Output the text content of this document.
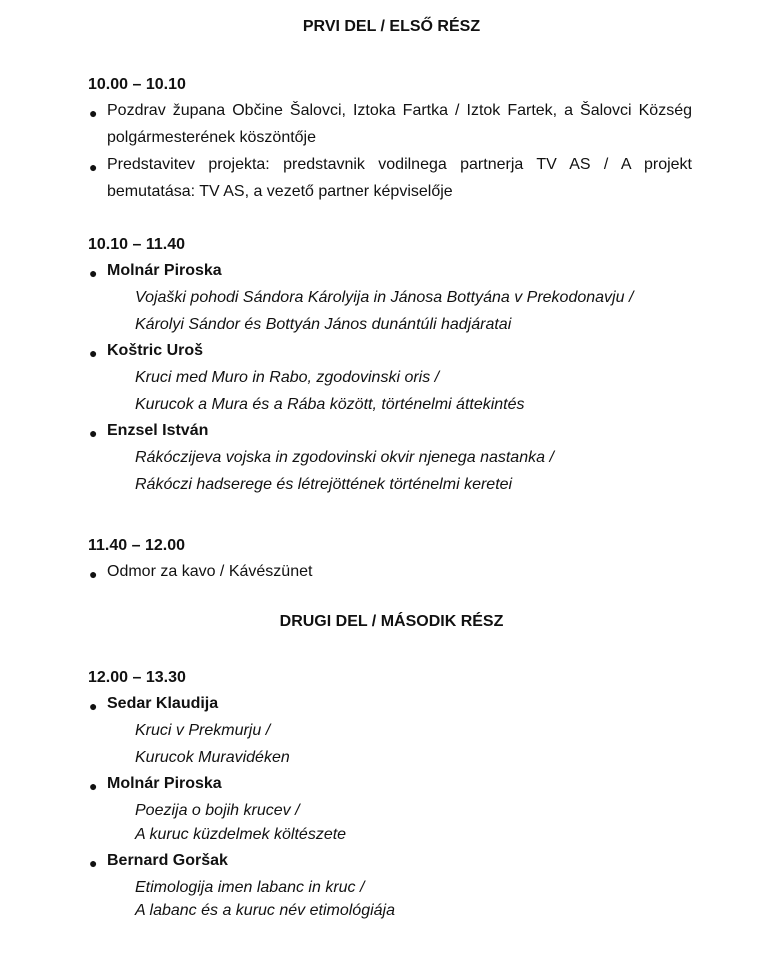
PRVI DEL / ELSŐ RÉSZ
10.00 – 10.10
● Pozdrav župana Občine Šalovci, Iztoka Fartka / Iztok Fartek, a Šalovci Község
polgármesterének köszöntője
● Predstavitev projekta: predstavnik vodilnega partnerja TV AS / A projekt
bemutatása: TV AS, a vezető partner képviselője
10.10 – 11.40
● Molnár Piroska
Vojaški pohodi Sándora Károlyija in Jánosa Bottyána v Prekodonavju /
Károlyi Sándor és Bottyán János dunántúli hadjáratai
● Koštric Uroš
Kruci med Muro in Rabo, zgodovinski oris /
Kurucok a Mura és a Rába között, történelmi áttekintés
● Enzsel István
Rákóczijeva vojska in zgodovinski okvir njenega nastanka /
Rákóczi hadserege és létrejöttének történelmi keretei
11.40 – 12.00
● Odmor za kavo / Kávészünet
DRUGI DEL / MÁSODIK RÉSZ
12.00 – 13.30
● Sedar Klaudija
Kruci v Prekmurju /
Kurucok Muravidéken
● Molnár Piroska
Poezija o bojih krucev /
A kuruc küzdelmek költészete
● Bernard Goršak
Etimologija imen labanc in kruc /
A labanc és a kuruc név etimológiája
